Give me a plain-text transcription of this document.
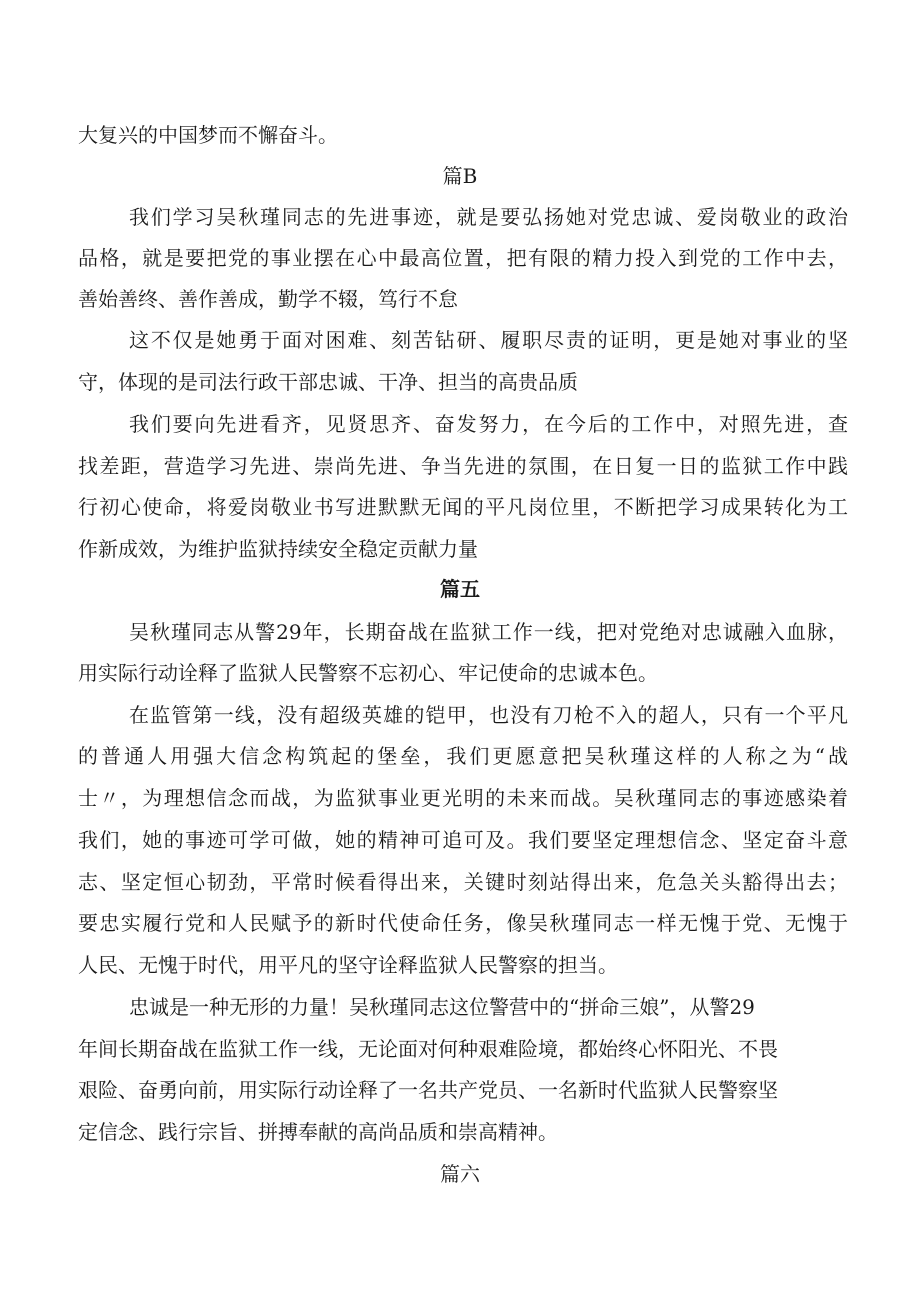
大复兴的中国梦而不懈奋斗。
篇B
我们学习吴秋瑾同志的先进事迹，就是要弘扬她对党忠诚、爱岗敬业的政治
品格，就是要把党的事业摆在心中最高位置，把有限的精力投入到党的工作中去，
善始善终、善作善成，勤学不辍，笃行不怠
这不仅是她勇于面对困难、刻苦钻研、履职尽责的证明，更是她对事业的坚
守，体现的是司法行政干部忠诚、干净、担当的高贵品质
我们要向先进看齐，见贤思齐、奋发努力，在今后的工作中，对照先进，查
找差距，营造学习先进、崇尚先进、争当先进的氛围，在日复一日的监狱工作中践
行初心使命，将爱岗敬业书写进默默无闻的平凡岗位里，不断把学习成果转化为工
作新成效，为维护监狱持续安全稳定贡献力量
篇五
吴秋瑾同志从警29年，长期奋战在监狱工作一线，把对党绝对忠诚融入血脉，
用实际行动诠释了监狱人民警察不忘初心、牢记使命的忠诚本色。
在监管第一线，没有超级英雄的铠甲，也没有刀枪不入的超人，只有一个平凡
的普通人用强大信念构筑起的堡垒，我们更愿意把吴秋瑾这样的人称之为“战
士〃，为理想信念而战，为监狱事业更光明的未来而战。吴秋瑾同志的事迹感染着
我们，她的事迹可学可做，她的精神可追可及。我们要坚定理想信念、坚定奋斗意
志、坚定恒心韧劲，平常时候看得出来，关键时刻站得出来，危急关头豁得出去；
要忠实履行党和人民赋予的新时代使命任务，像吴秋瑾同志一样无愧于党、无愧于
人民、无愧于时代，用平凡的坚守诠释监狱人民警察的担当。
忠诚是一种无形的力量！吴秋瑾同志这位警营中的“拼命三娘”，从警29
年间长期奋战在监狱工作一线，无论面对何种艰难险境，都始终心怀阳光、不畏
艰险、奋勇向前，用实际行动诠释了一名共产党员、一名新时代监狱人民警察坚
定信念、践行宗旨、拼搏奉献的高尚品质和崇高精神。
篇六
